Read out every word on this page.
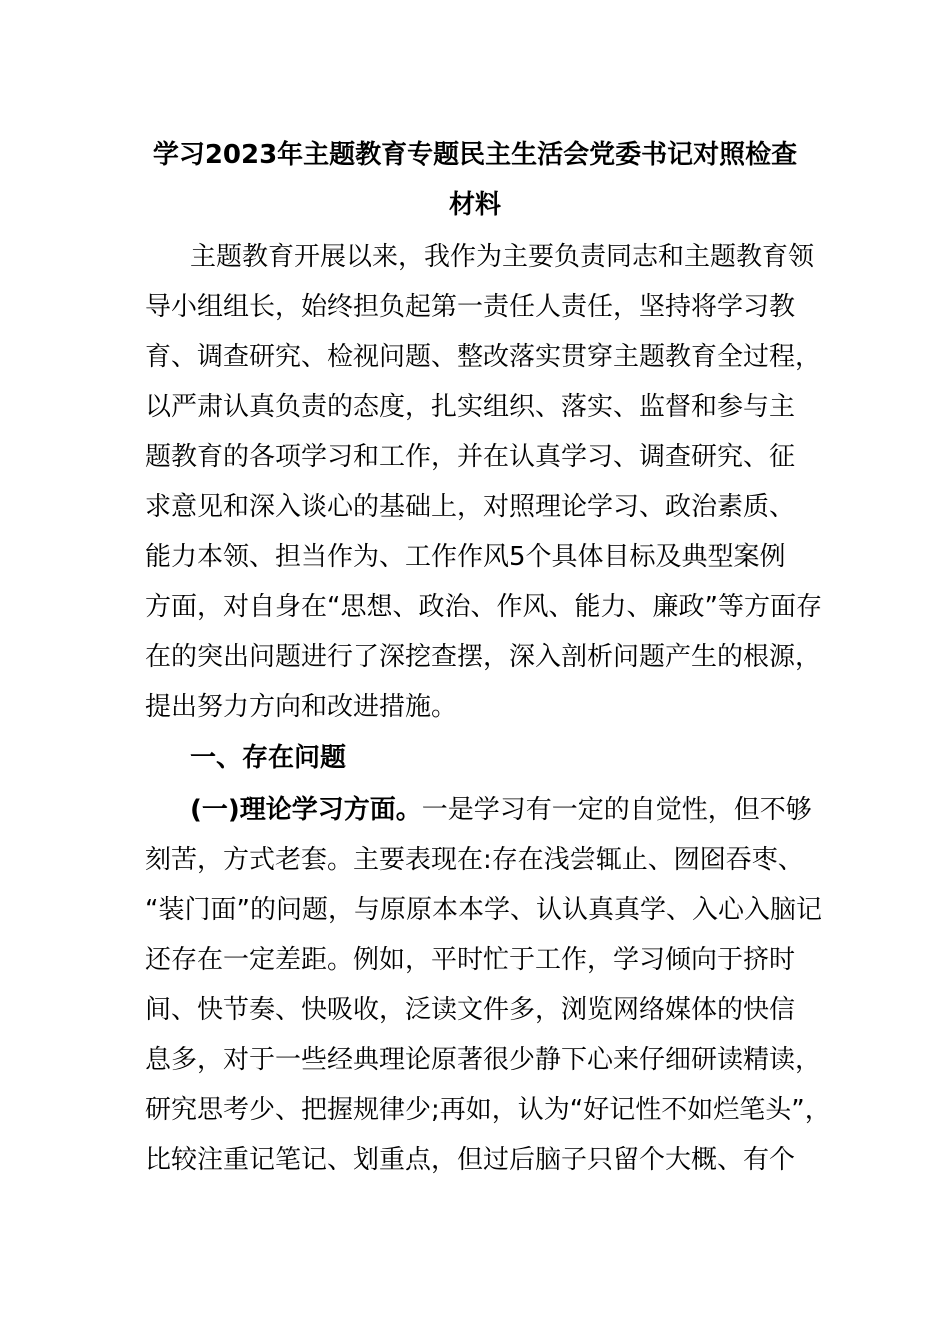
学习2023年主题教育专题民主生活会党委书记对照检查
材料

主题教育开展以来，我作为主要负责同志和主题教育领

导小组组长，始终担负起第一责任人责任，坚持将学习教

育、调查研究、检视问题、整改落实贯穿主题教育全过程，

以严肃认真负责的态度，扎实组织、落实、监督和参与主

题教育的各项学习和工作，并在认真学习、调查研究、征

求意见和深入谈心的基础上，对照理论学习、政治素质、

能力本领、担当作为、工作作风5个具体目标及典型案例

方面，对自身在“思想、政治、作风、能力、廉政”等方面存

在的突出问题进行了深挖查摆，深入剖析问题产生的根源，

提出努力方向和改进措施。

一、存在问题

(一)理论学习方面。一是学习有一定的自觉性，但不够

刻苦，方式老套。主要表现在:存在浅尝辄止、囫囵吞枣、

“装门面”的问题，与原原本本学、认认真真学、入心入脑记

还存在一定差距。例如，平时忙于工作，学习倾向于挤时

间、快节奏、快吸收，泛读文件多，浏览网络媒体的快信

息多，对于一些经典理论原著很少静下心来仔细研读精读，

研究思考少、把握规律少;再如，认为“好记性不如烂笔头”，

比较注重记笔记、划重点，但过后脑子只留个大概、有个
